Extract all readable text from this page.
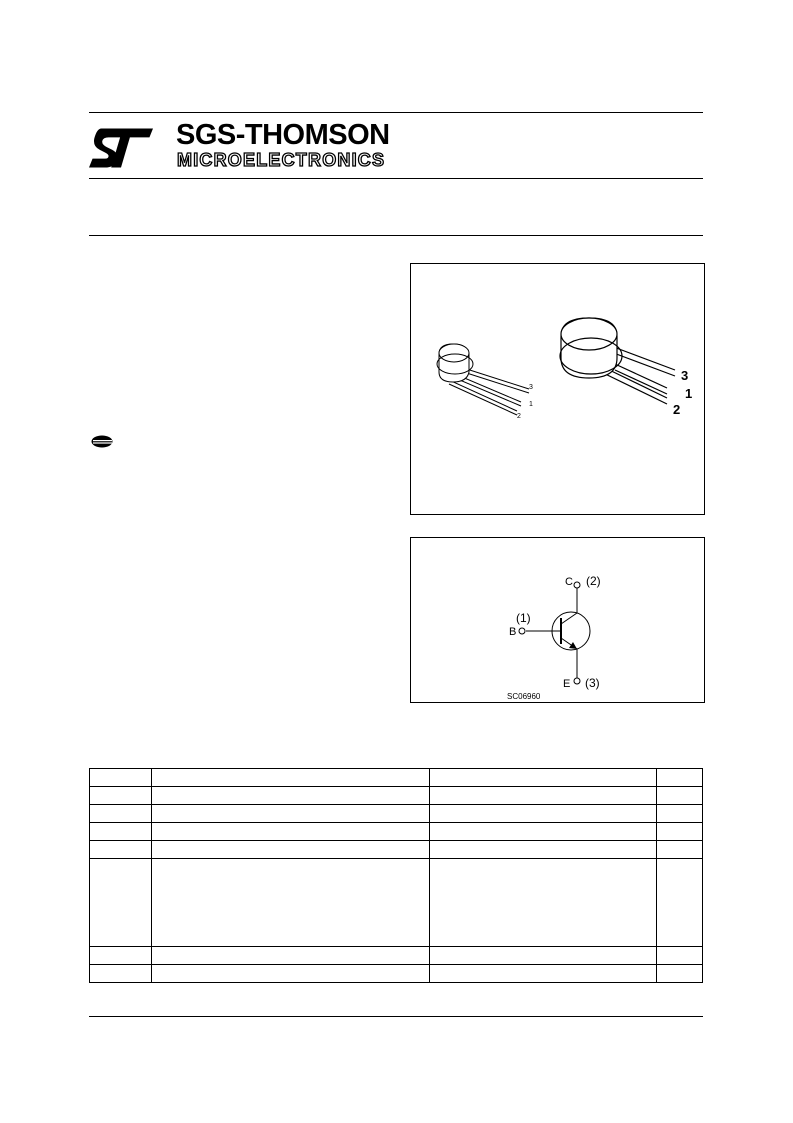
SGS-THOMSON
MICROELECTRONICS
3
1
2
3
1
2
C (2)
B
(1)
E (3)
SC06960
